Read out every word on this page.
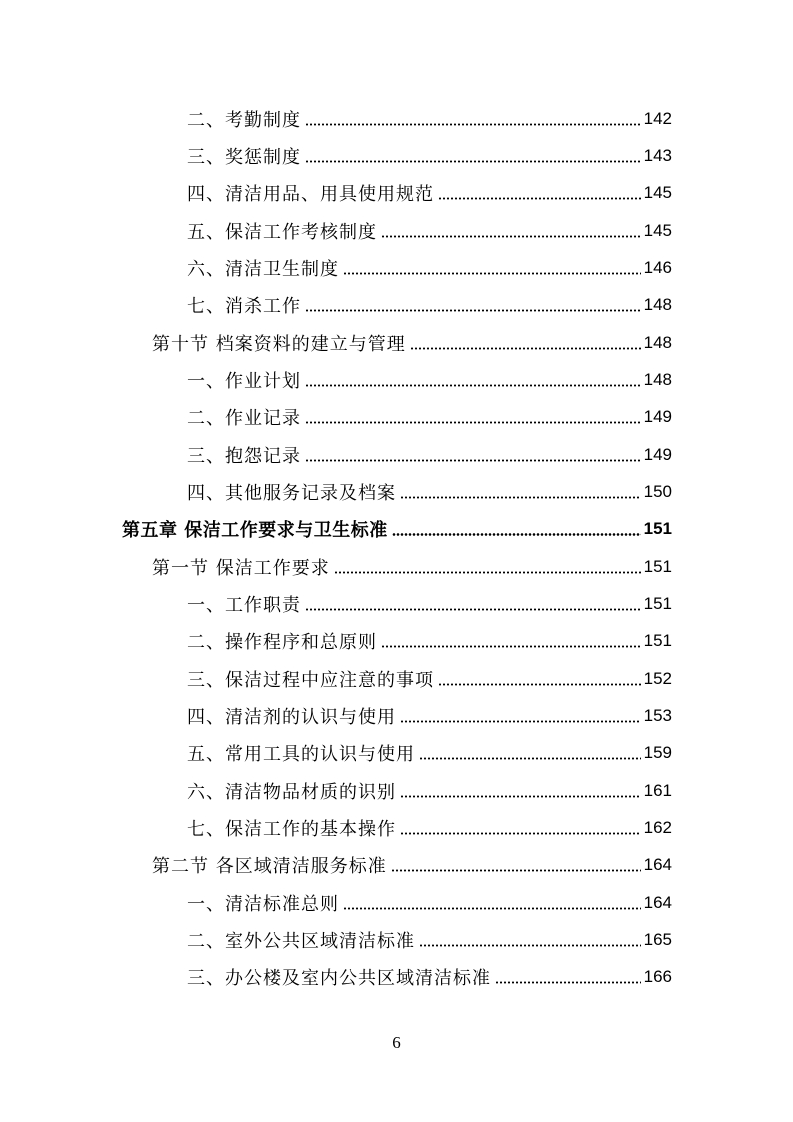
二、考勤制度	142
三、奖惩制度	143
四、清洁用品、用具使用规范	145
五、保洁工作考核制度	145
六、清洁卫生制度	146
七、消杀工作	148
第十节 档案资料的建立与管理	148
一、作业计划	148
二、作业记录	149
三、抱怨记录	149
四、其他服务记录及档案	150
第五章 保洁工作要求与卫生标准	151
第一节 保洁工作要求	151
一、工作职责	151
二、操作程序和总原则	151
三、保洁过程中应注意的事项	152
四、清洁剂的认识与使用	153
五、常用工具的认识与使用	159
六、清洁物品材质的识别	161
七、保洁工作的基本操作	162
第二节 各区域清洁服务标准	164
一、清洁标准总则	164
二、室外公共区域清洁标准	165
三、办公楼及室内公共区域清洁标准	166
6
